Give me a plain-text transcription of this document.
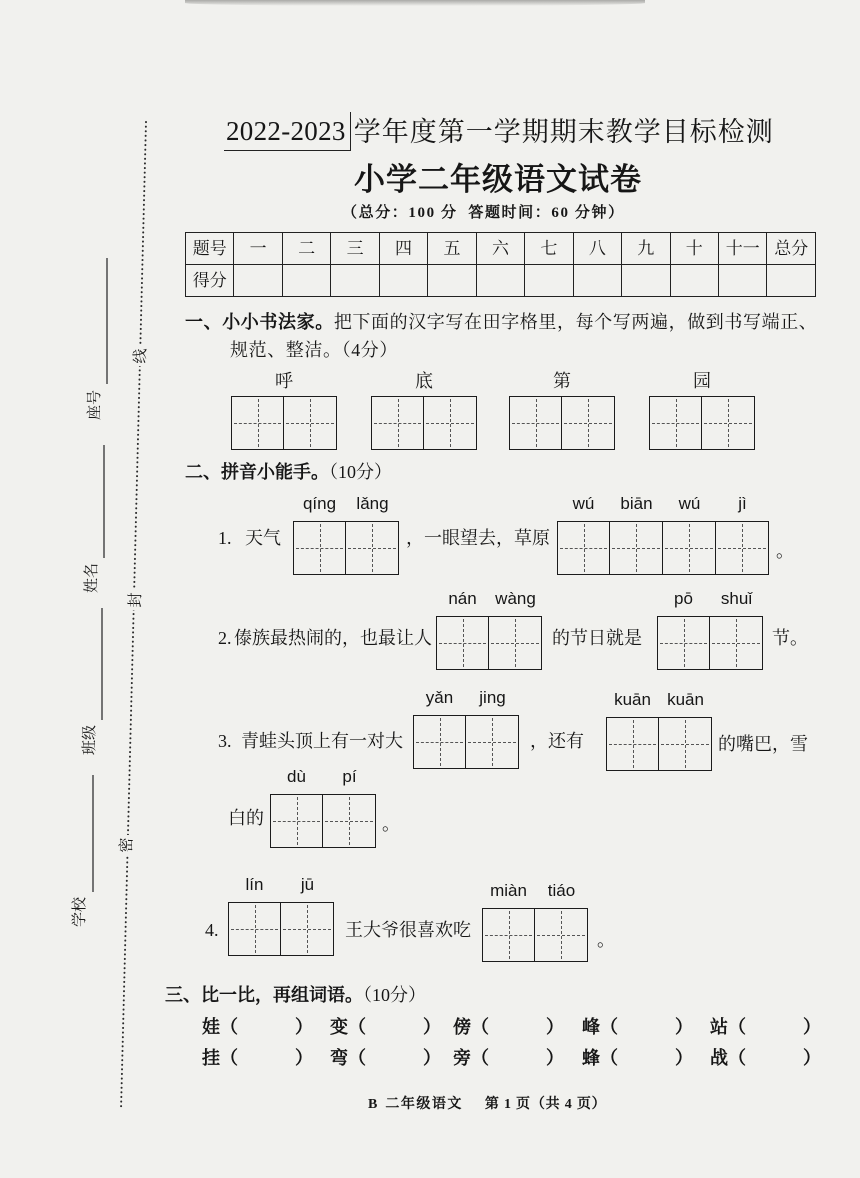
座号
姓名
班级
学校
线
封
密
2022-2023 学年度第一学期期末教学目标检测
小学二年级语文试卷
（总分：100 分  答题时间：60 分钟）
题号	一	二	三	四	五	六	七	八	九	十	十一	总分
得分												
一、小小书法家。把下面的汉字写在田字格里，每个写两遍，做到书写端正、
规范、整洁。（4分）
呼	底	第	园
二、拼音小能手。（10分）
1. 天气
qíng	lǎng
，一眼望去，草原
wú	biān	wú	jì
。
2. 傣族最热闹的，也最让人
nán	wàng
的节日就是
pō	shuǐ
节。
3. 青蛙头顶上有一对大
yǎn	jing
，还有
kuān kuān
的嘴巴，雪
白的
dù	pí
。
4.
lín	jū
王大爷很喜欢吃
miàn	tiáo
。
三、比一比，再组词语。（10分）
娃 （	） 变 （	） 傍 （	） 峰 （	） 站 （	）
挂 （	） 弯 （	） 旁 （	） 蜂 （	） 战 （	）
B 二年级语文 第 1 页（共 4 页）
